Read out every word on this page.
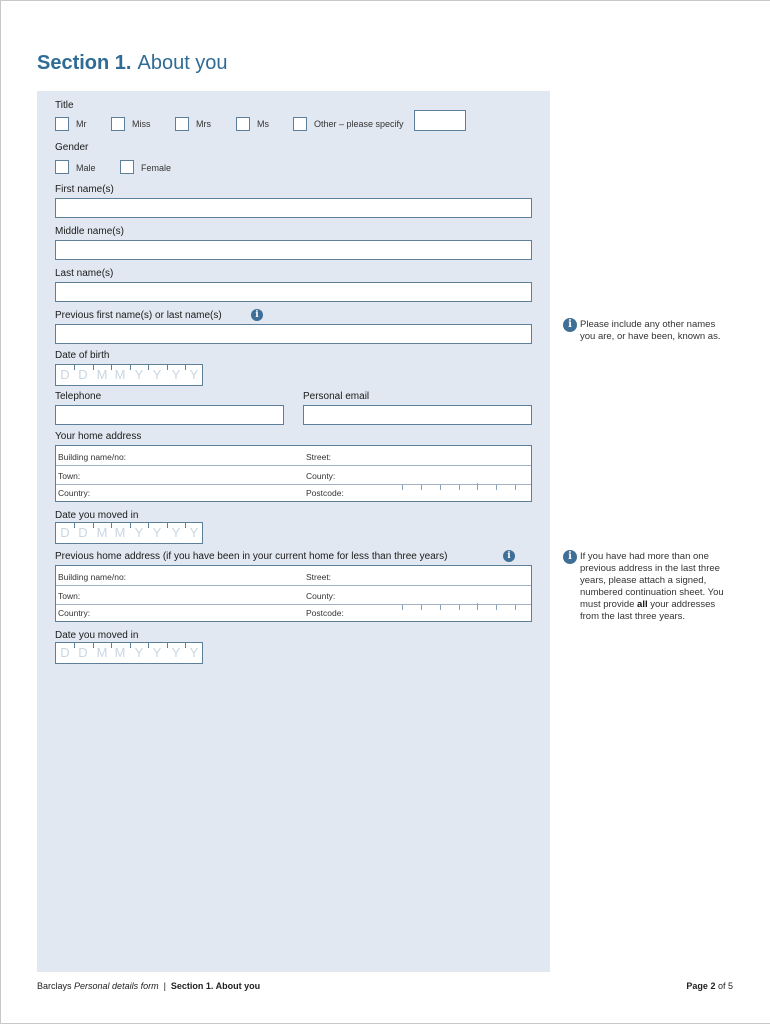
Section 1. About you
Title
Mr	Miss	Mrs	Ms	Other – please specify
Gender
Male	Female
First name(s)
Middle name(s)
Last name(s)
Previous first name(s) or last name(s)	i
Date of birth
D D M M Y Y Y Y
Telephone	Personal email
Your home address
Building name/no:	Street:
Town:	County:
Country:	Postcode:
Date you moved in
D D M M Y Y Y Y
Previous home address (if you have been in your current home for less than three years)	i
Building name/no:	Street:
Town:	County:
Country:	Postcode:
Date you moved in
D D M M Y Y Y Y
i Please include any other names you are, or have been, known as.
i If you have had more than one previous address in the last three years, please attach a signed, numbered continuation sheet. You must provide all your addresses from the last three years.
Barclays Personal details form | Section 1. About you	Page 2 of 5
